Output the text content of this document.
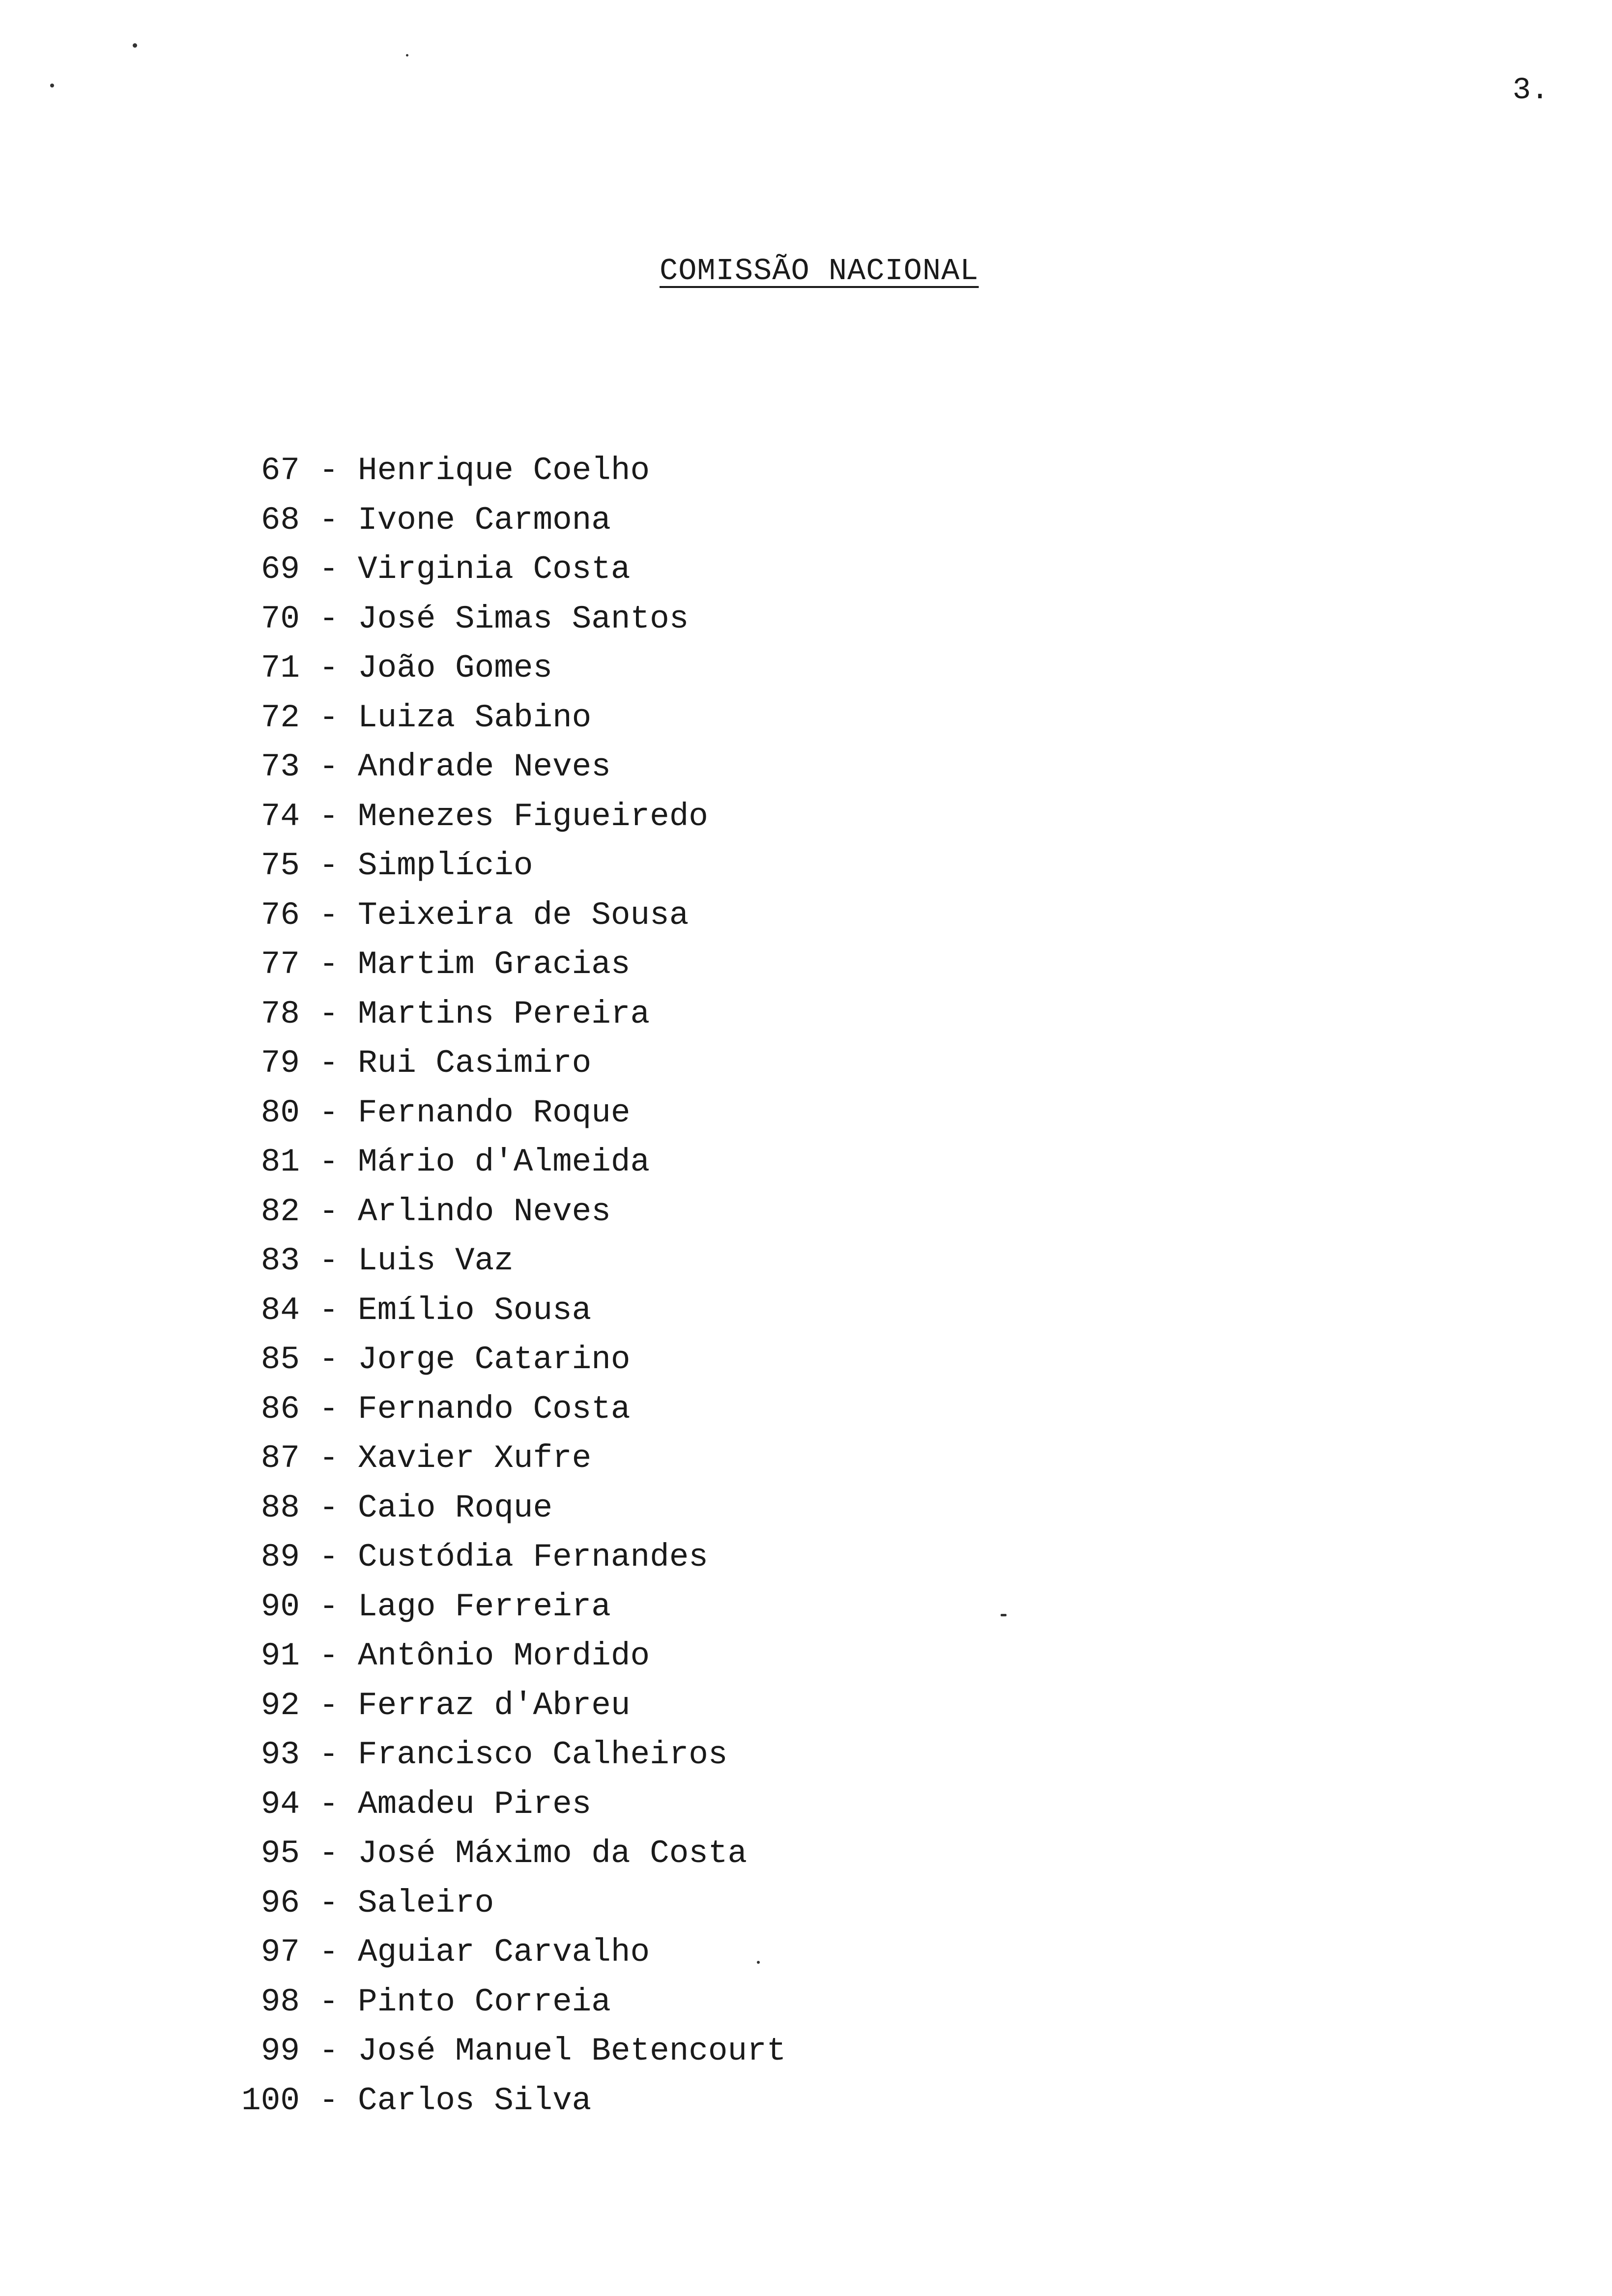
3.
COMISSÃO NACIONAL
67 - Henrique Coelho
68 - Ivone Carmona
69 - Virginia Costa
70 - José Simas Santos
71 - João Gomes
72 - Luiza Sabino
73 - Andrade Neves
74 - Menezes Figueiredo
75 - Simplício
76 - Teixeira de Sousa
77 - Martim Gracias
78 - Martins Pereira
79 - Rui Casimiro
80 - Fernando Roque
81 - Mário d'Almeida
82 - Arlindo Neves
83 - Luis Vaz
84 - Emílio Sousa
85 - Jorge Catarino
86 - Fernando Costa
87 - Xavier Xufre
88 - Caio Roque
89 - Custódia Fernandes
90 - Lago Ferreira
91 - Antônio Mordido
92 - Ferraz d'Abreu
93 - Francisco Calheiros
94 - Amadeu Pires
95 - José Máximo da Costa
96 - Saleiro
97 - Aguiar Carvalho
98 - Pinto Correia
99 - José Manuel Betencourt
100 - Carlos Silva
